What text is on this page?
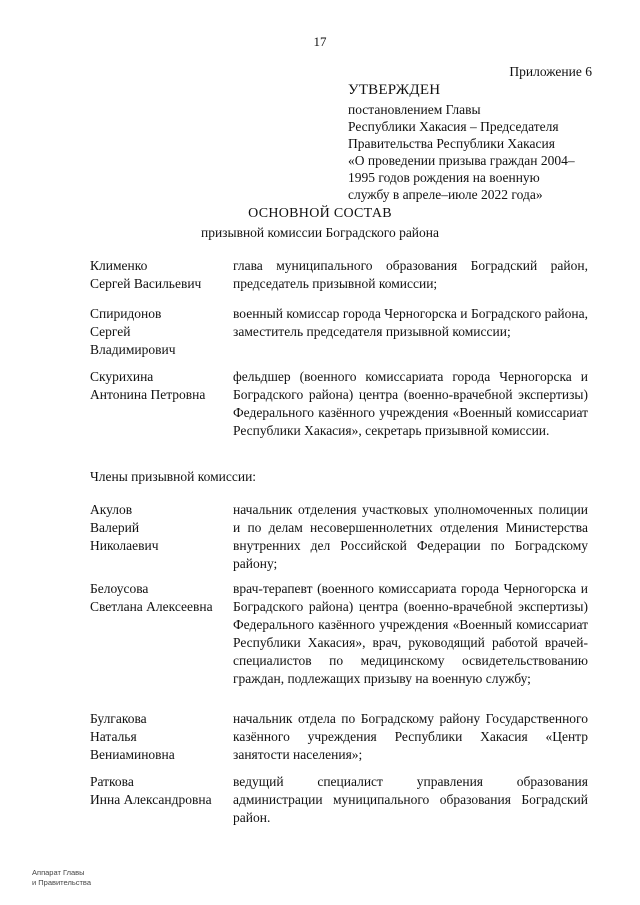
17
Приложение 6
УТВЕРЖДЕН
постановлением Главы
Республики Хакасия – Председателя
Правительства Республики Хакасия
«О проведении призыва граждан 2004–
1995 годов рождения на военную
службу в апреле–июле 2022 года»
ОСНОВНОЙ СОСТАВ
призывной комиссии Боградского района
Клименко
Сергей Васильевич
глава муниципального образования Боградский район, председатель призывной комиссии;
Спиридонов
Сергей
Владимирович
военный комиссар города Черногорска и Боградского района, заместитель председателя призывной комиссии;
Скурихина
Антонина Петровна
фельдшер (военного комиссариата города Черногорска и Боградского района) центра (военно-врачебной экспертизы) Федерального казённого учреждения «Военный комиссариат Республики Хакасия», секретарь призывной комиссии.
Члены призывной комиссии:
Акулов
Валерий
Николаевич
начальник отделения участковых уполномоченных полиции и по делам несовершеннолетних отделения Министерства внутренних дел Российской Федерации по Боградскому району;
Белоусова
Светлана Алексеевна
врач-терапевт (военного комиссариата города Черногорска и Боградского района) центра (военно-врачебной экспертизы) Федерального казённого учреждения «Военный комиссариат Республики Хакасия», врач, руководящий работой врачей-специалистов по медицинскому освидетельствованию граждан, подлежащих призыву на военную службу;
Булгакова
Наталья
Вениаминовна
начальник отдела по Боградскому району Государственного казённого учреждения Республики Хакасия «Центр занятости населения»;
Раткова
Инна Александровна
ведущий специалист управления образования администрации муниципального образования Боградский район.
Аппарат Главы
и Правительства
